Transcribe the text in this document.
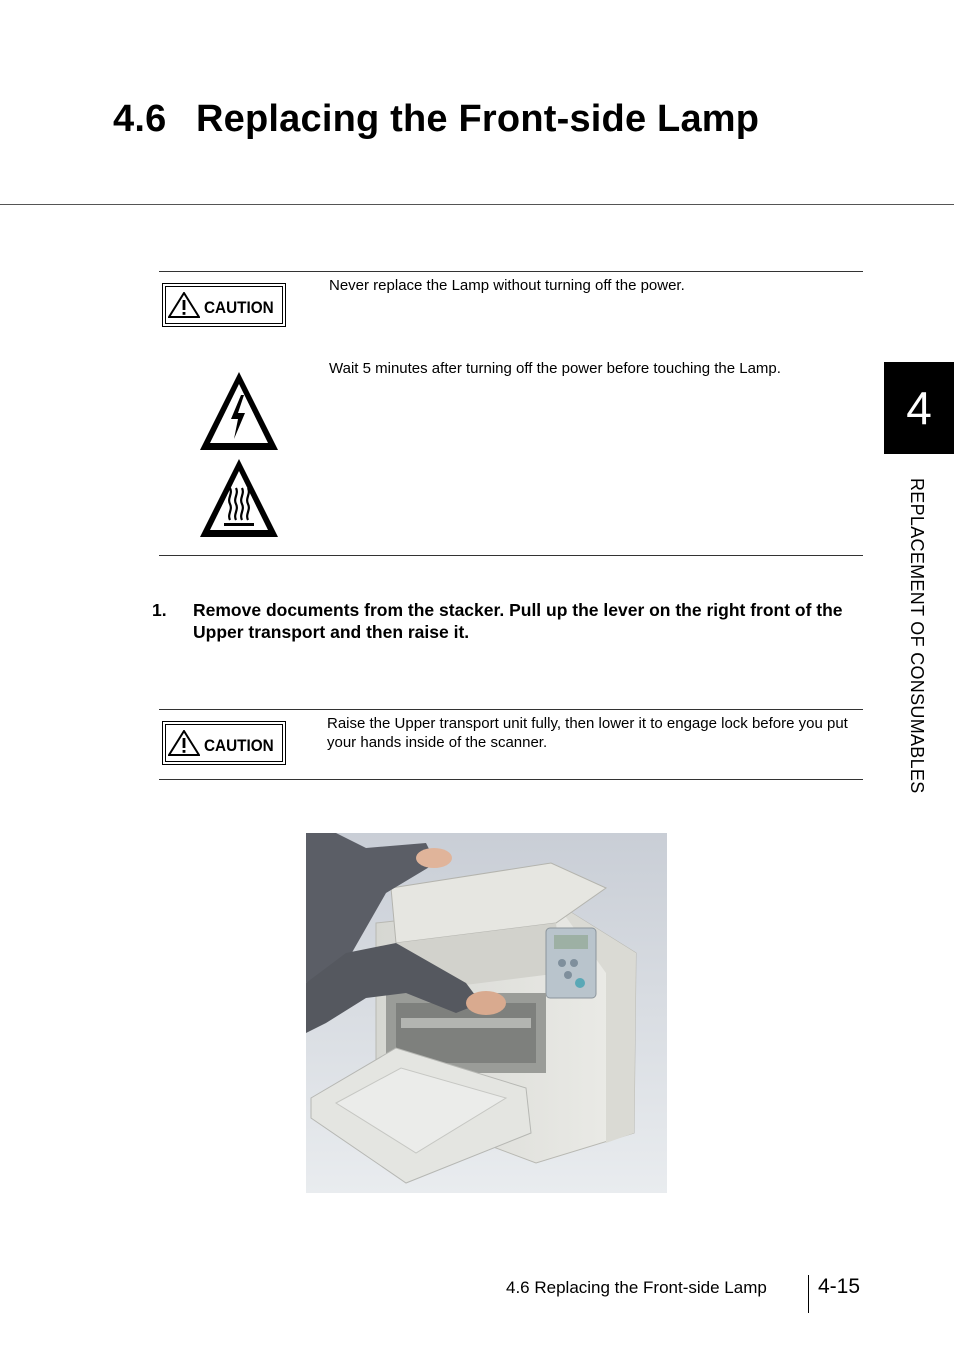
4.6 Replacing the Front-side Lamp
CAUTION
Never replace the Lamp without turning off the power.
Wait 5 minutes after turning off the power before touching the Lamp.
1. Remove documents from the stacker. Pull up the lever on the right front of the Upper transport and then raise it.
CAUTION
Raise the Upper transport unit fully, then lower it to engage lock before you put your hands inside of the scanner.
4
REPLACEMENT OF CONSUMABLES
4.6 Replacing the Front-side Lamp 4-15
